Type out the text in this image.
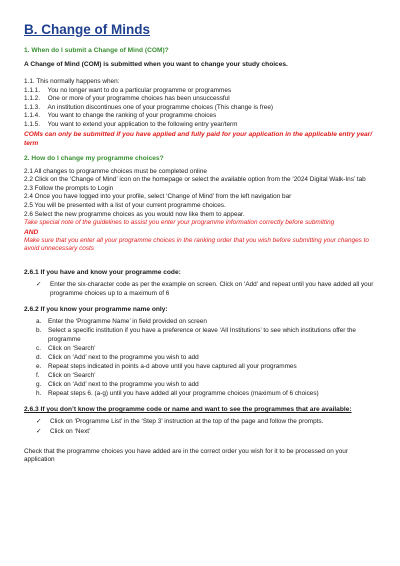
B. Change of Minds

1. When do I submit a Change of Mind (COM)?

A Change of Mind (COM) is submitted when you want to change your study choices.

1.1. This normally happens when:

1.1.1. You no longer want to do a particular programme or programmes

1.1.2. One or more of your programme choices has been unsuccessful

1.1.3. An institution discontinues one of your programme choices (This change is free)

1.1.4. You want to change the ranking of your programme choices

1.1.5. You want to extend your application to the following entry year/term

COMs can only be submitted if you have applied and fully paid for your application in the applicable entry year/ term

2. How do I change my programme choices?

2.1 All changes to programme choices must be completed online

2.2 Click on the ‘Change of Mind’ icon on the homepage or select the available option from the ‘2024 Digital Walk-Ins’ tab

2.3 Follow the prompts to Login

2.4 Once you have logged into your profile, select ‘Change of Mind’ from the left navigation bar

2.5 You will be presented with a list of your current programme choices.

2.6 Select the new programme choices as you would now like them to appear.

Take special note of the guidelines to assist you enter your programme information correctly before submitting

AND

Make sure that you enter all your programme choices in the ranking order that you wish before submitting your changes to avoid unnecessary costs

2.6.1 If you have and know your programme code:

✓	Enter the six-character code as per the example on screen. Click on ‘Add’ and repeat until you have added all your programme choices up to a maximum of 6

2.6.2 If you know your programme name only:

a.	Enter the ‘Programme Name’ in field provided on screen
b.	Select a specific institution if you have a preference or leave ‘All Institutions’ to see which institutions offer the programme
c.	Click on ‘Search’
d.	Click on ‘Add’ next to the programme you wish to add
e.	Repeat steps indicated in points a-d above until you have captured all your programmes
f.	Click on ‘Search’
g.	Click on ‘Add’ next to the programme you wish to add
h.	Repeat steps 6. (a-g) until you have added all your programme choices (maximum of 6 choices)

2.6.3 If you don’t know the programme code or name and want to see the programmes that are available:

✓	Click on ‘Programme List’ in the ‘Step 3’ instruction at the top of the page and follow the prompts.
✓	Click on ‘Next’

Check that the programme choices you have added are in the correct order you wish for it to be processed on your application
